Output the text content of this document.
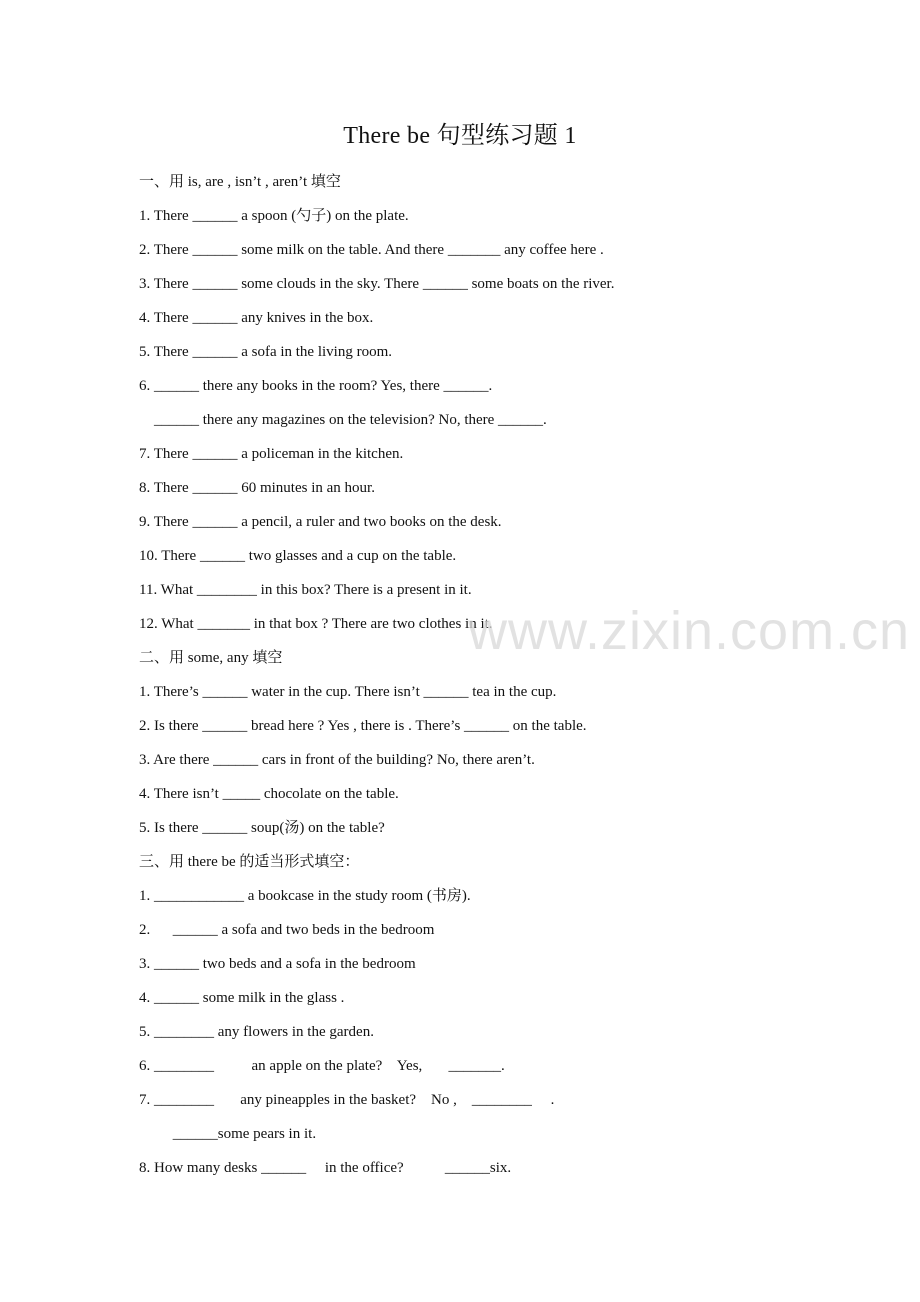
There be 句型练习题 1
一、用 is, are , isn’t , aren’t 填空
1. There ______ a spoon (勺子) on the plate.
2. There ______ some milk on the table. And there _______ any coffee here .
3. There ______ some clouds in the sky. There ______ some boats on the river.
4. There ______ any knives in the box.
5. There ______ a sofa in the living room.
6. ______ there any books in the room? Yes, there ______.
______ there any magazines on the television? No, there ______.
7. There ______ a policeman in the kitchen.
8. There ______ 60 minutes in an hour.
9. There ______ a pencil, a ruler and two books on the desk.
10. There ______ two glasses and a cup on the table.
11. What ________ in this box? There is a present in it.
12. What _______ in that box ? There are two clothes in it.
二、用 some, any 填空
1. There’s ______ water in the cup. There isn’t ______ tea in the cup.
2. Is there ______ bread here ? Yes , there is . There’s ______ on the table.
3. Are there ______ cars in front of the building? No, there aren’t.
4. There isn’t _____ chocolate on the table.
5. Is there ______ soup(汤) on the table?
三、用 there be 的适当形式填空：
1. ____________ a bookcase in the study room (书房).
2.      ______ a sofa and two beds in the bedroom
3. ______ two beds and a sofa in the bedroom
4. ______ some milk in the glass .
5. ________ any flowers in the garden.
6. ________          an apple on the plate?    Yes,       _______.
7. ________       any pineapples in the basket?    No ,    ________     .
______some pears in it.
8. How many desks ______     in the office?           ______six.
www.zixin.com.cn
